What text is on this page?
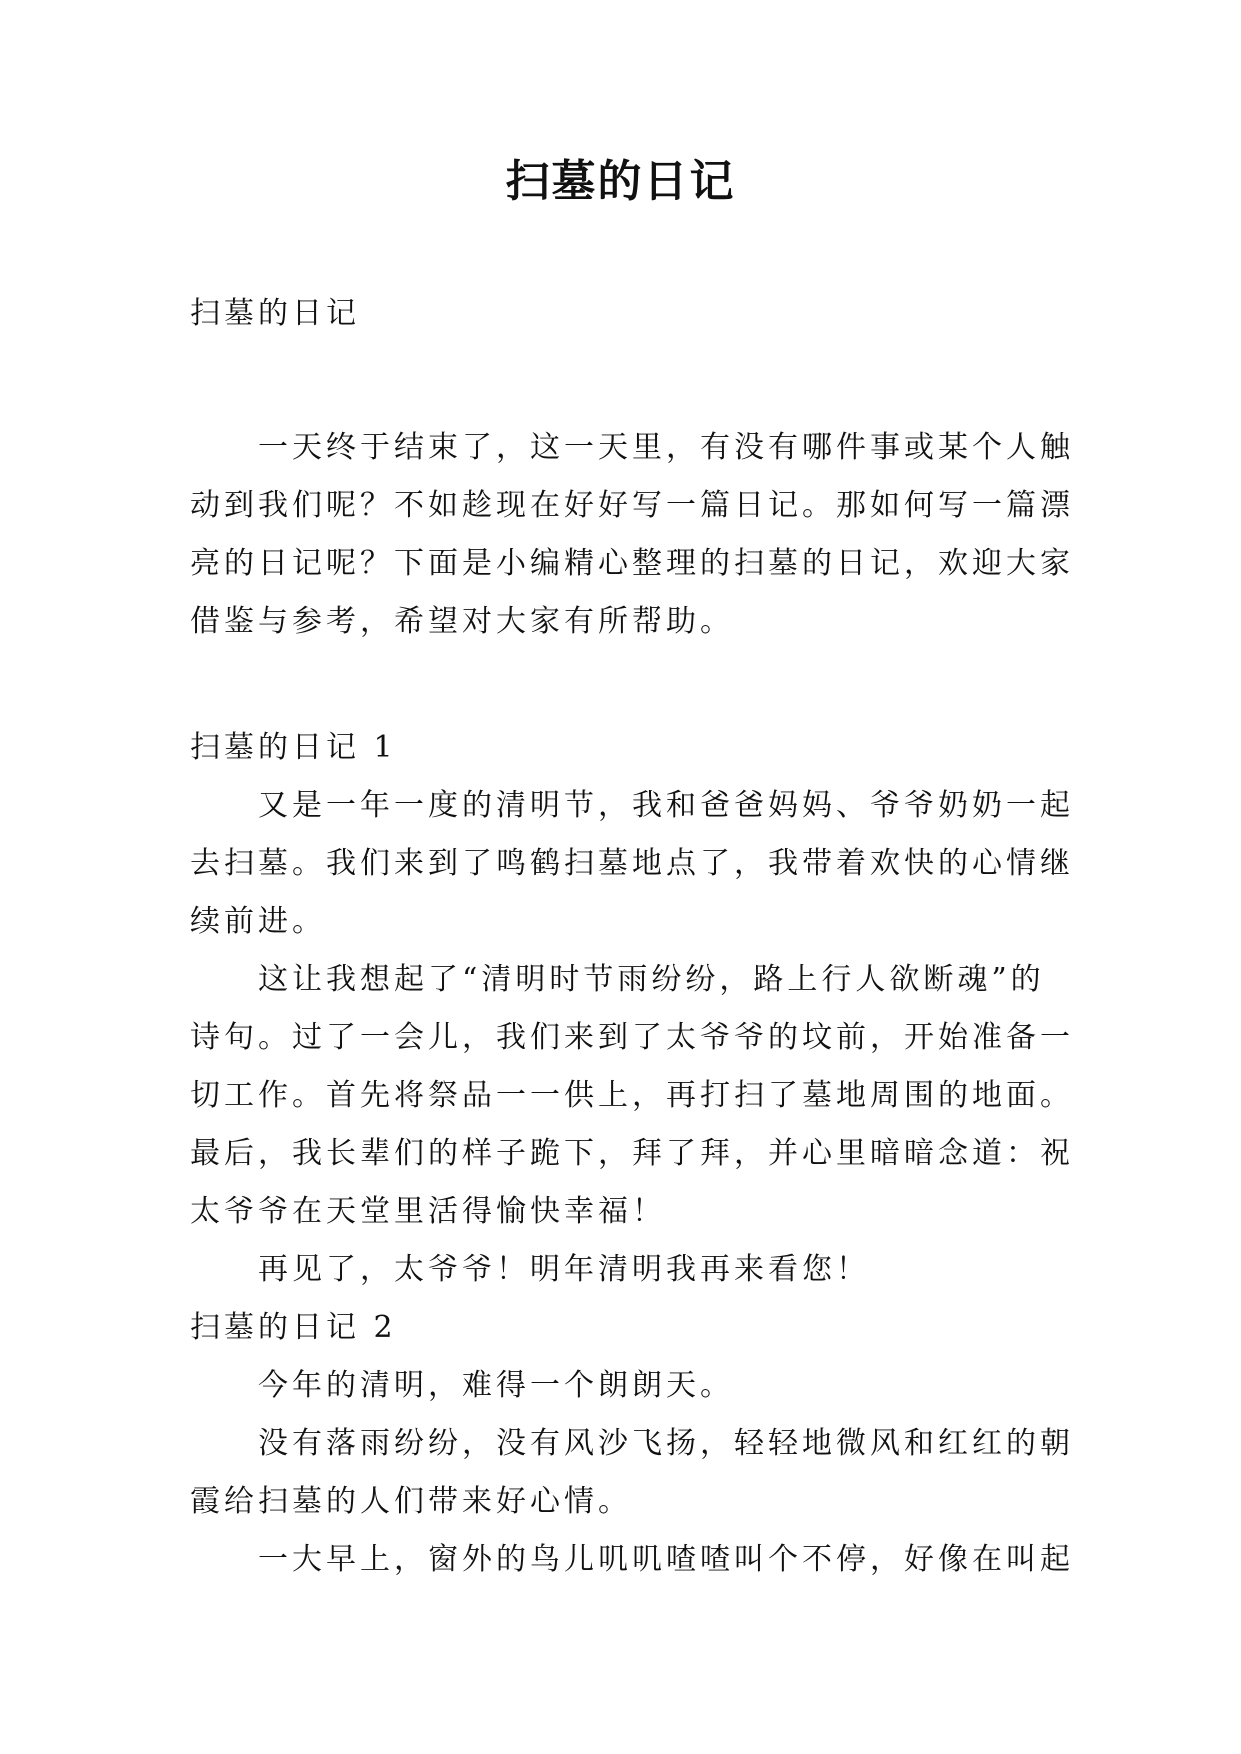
扫墓的日记
扫墓的日记
一天终于结束了，这一天里，有没有哪件事或某个人触
动到我们呢？不如趁现在好好写一篇日记。那如何写一篇漂
亮的日记呢？下面是小编精心整理的扫墓的日记，欢迎大家
借鉴与参考，希望对大家有所帮助。
扫墓的日记 1
又是一年一度的清明节，我和爸爸妈妈、爷爷奶奶一起
去扫墓。我们来到了鸣鹤扫墓地点了，我带着欢快的心情继
续前进。
这让我想起了“清明时节雨纷纷，路上行人欲断魂”的
诗句。过了一会儿，我们来到了太爷爷的坟前，开始准备一
切工作。首先将祭品一一供上，再打扫了墓地周围的地面。
最后，我长辈们的样子跪下，拜了拜，并心里暗暗念道：祝
太爷爷在天堂里活得愉快幸福！
再见了，太爷爷！明年清明我再来看您！
扫墓的日记 2
今年的清明，难得一个朗朗天。
没有落雨纷纷，没有风沙飞扬，轻轻地微风和红红的朝
霞给扫墓的人们带来好心情。
一大早上，窗外的鸟儿叽叽喳喳叫个不停，好像在叫起
